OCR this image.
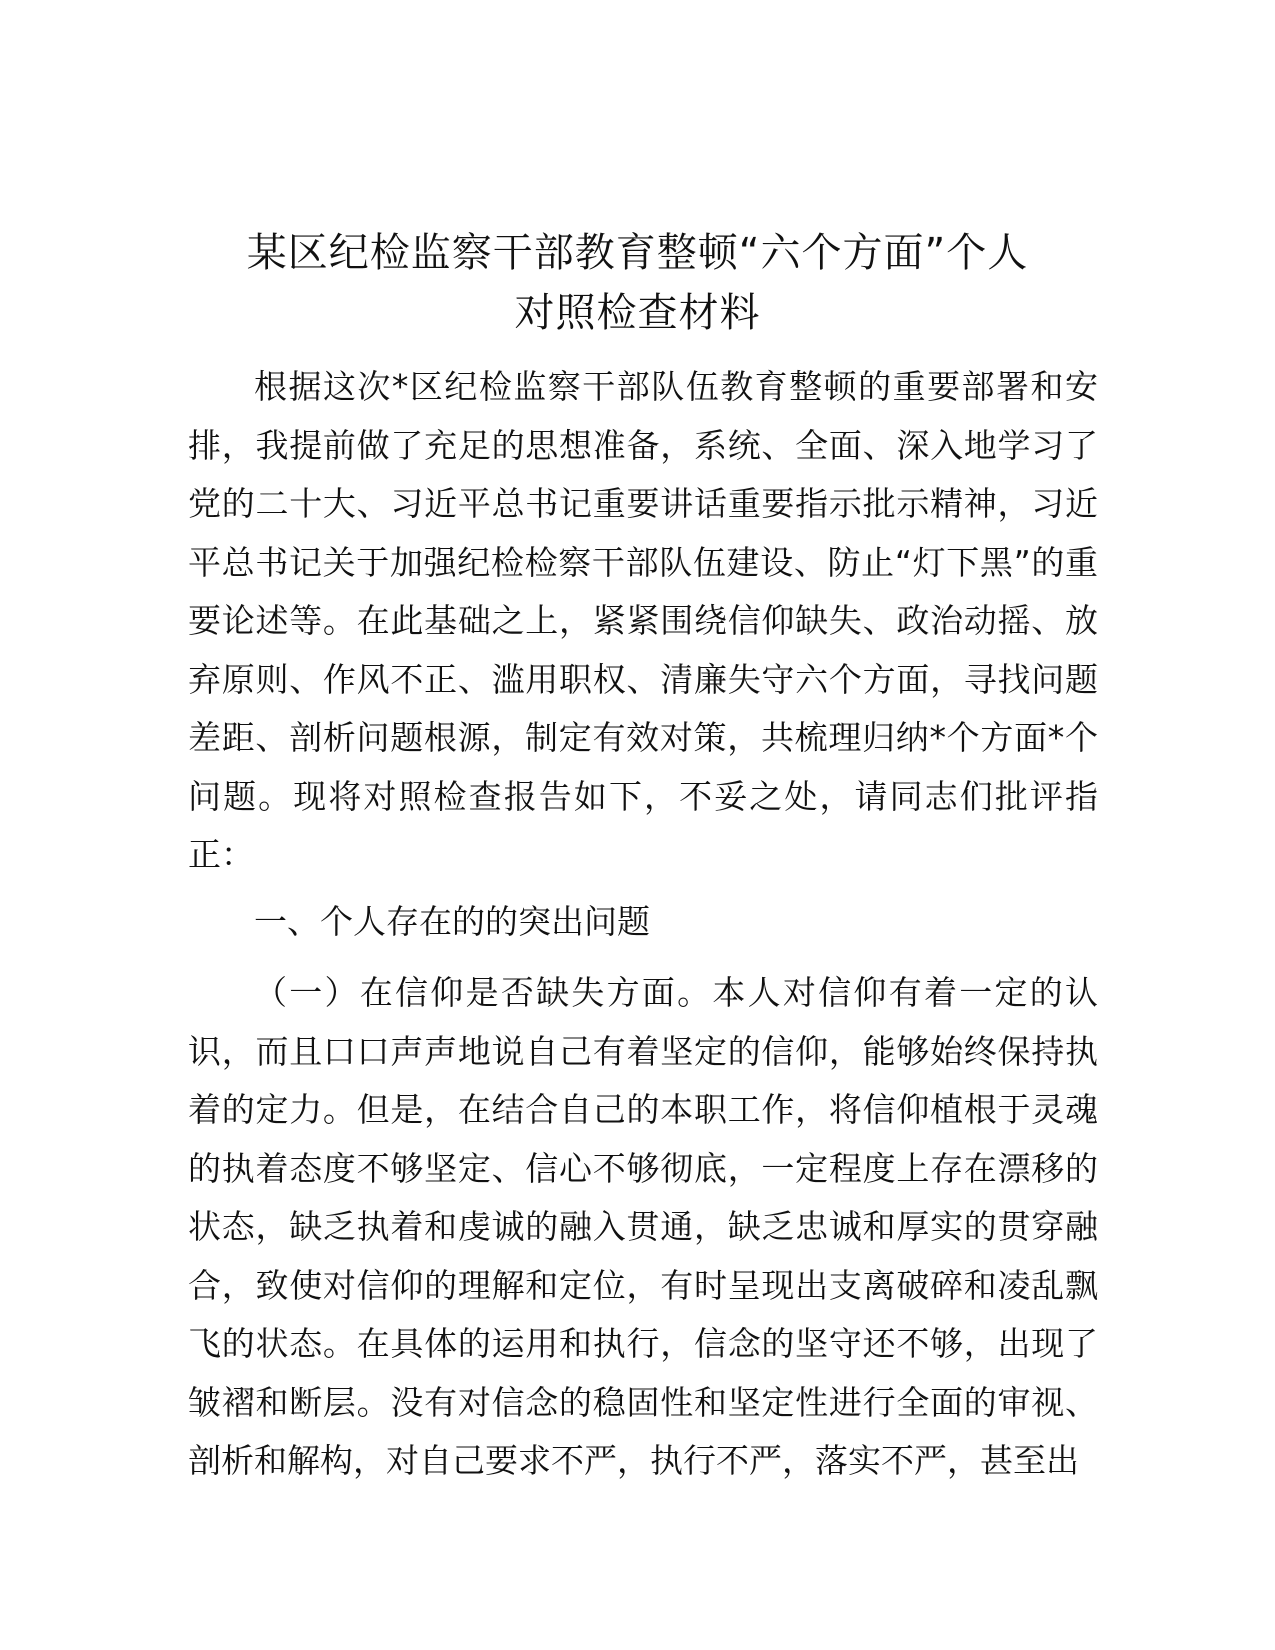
某区纪检监察干部教育整顿“六个方面”个人
对照检查材料

根据这次*区纪检监察干部队伍教育整顿的重要部署和安排，我提前做了充足的思想准备，系统、全面、深入地学习了党的二十大、习近平总书记重要讲话重要指示批示精神，习近平总书记关于加强纪检检察干部队伍建设、防止“灯下黑”的重要论述等。在此基础之上，紧紧围绕信仰缺失、政治动摇、放弃原则、作风不正、滥用职权、清廉失守六个方面，寻找问题差距、剖析问题根源，制定有效对策，共梳理归纳*个方面*个问题。现将对照检查报告如下，不妥之处，请同志们批评指正：

一、个人存在的的突出问题

（一）在信仰是否缺失方面。本人对信仰有着一定的认识，而且口口声声地说自己有着坚定的信仰，能够始终保持执着的定力。但是，在结合自己的本职工作，将信仰植根于灵魂的执着态度不够坚定、信心不够彻底，一定程度上存在漂移的状态，缺乏执着和虔诚的融入贯通，缺乏忠诚和厚实的贯穿融合，致使对信仰的理解和定位，有时呈现出支离破碎和凌乱飘飞的状态。在具体的运用和执行，信念的坚守还不够，出现了皱褶和断层。没有对信念的稳固性和坚定性进行全面的审视、剖析和解构，对自己要求不严，执行不严，落实不严，甚至出
